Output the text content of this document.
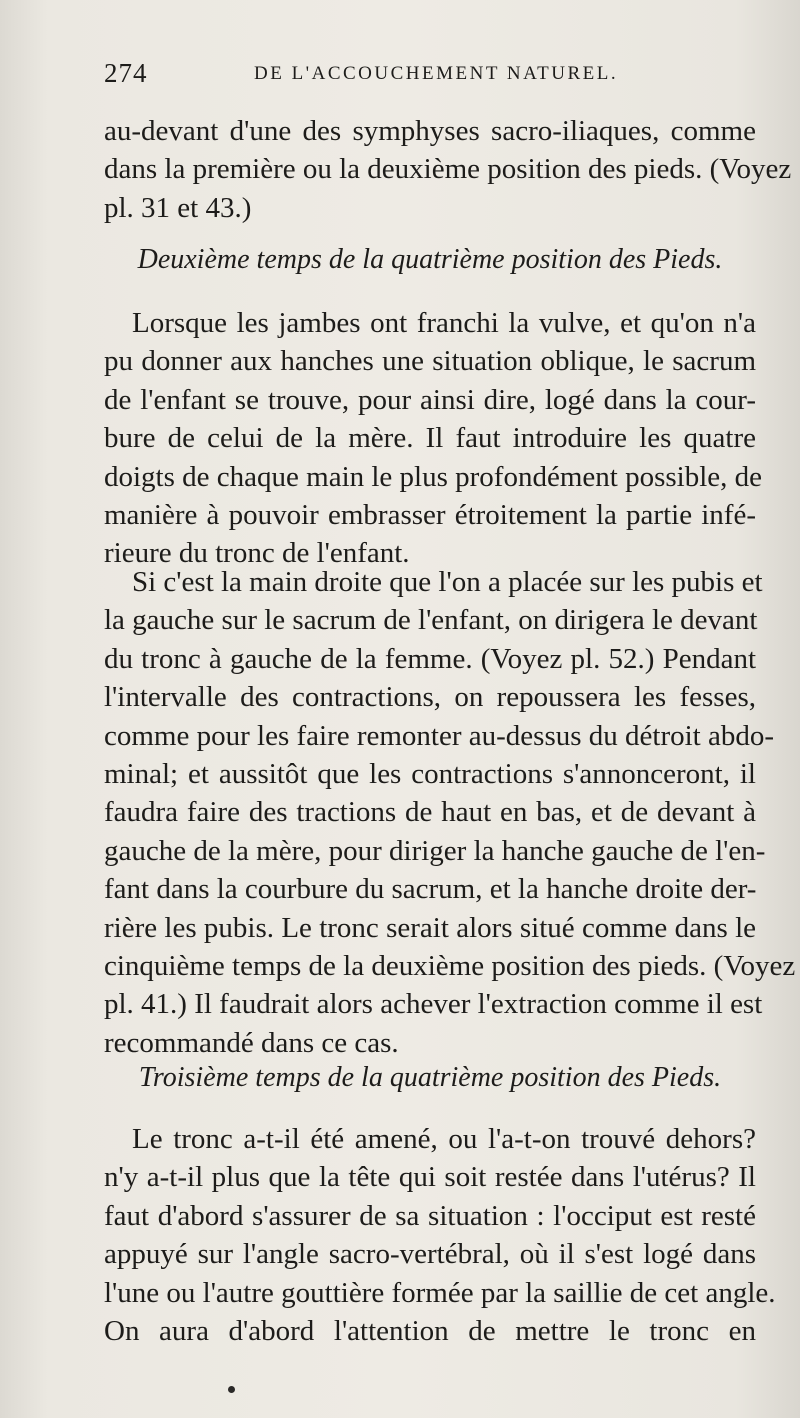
274	DE L'ACCOUCHEMENT NATUREL.
au-devant d'une des symphyses sacro-iliaques, comme
dans la première ou la deuxième position des pieds. (Voyez
pl. 31 et 43.)
Deuxième temps de la quatrième position des Pieds.
Lorsque les jambes ont franchi la vulve, et qu'on n'a
pu donner aux hanches une situation oblique, le sacrum
de l'enfant se trouve, pour ainsi dire, logé dans la cour-
bure de celui de la mère. Il faut introduire les quatre
doigts de chaque main le plus profondément possible, de
manière à pouvoir embrasser étroitement la partie infé-
rieure du tronc de l'enfant.
Si c'est la main droite que l'on a placée sur les pubis et
la gauche sur le sacrum de l'enfant, on dirigera le devant
du tronc à gauche de la femme. (Voyez pl. 52.) Pendant
l'intervalle des contractions, on repoussera les fesses,
comme pour les faire remonter au-dessus du détroit abdo-
minal; et aussitôt que les contractions s'annonceront, il
faudra faire des tractions de haut en bas, et de devant à
gauche de la mère, pour diriger la hanche gauche de l'en-
fant dans la courbure du sacrum, et la hanche droite der-
rière les pubis. Le tronc serait alors situé comme dans le
cinquième temps de la deuxième position des pieds. (Voyez
pl. 41.) Il faudrait alors achever l'extraction comme il est
recommandé dans ce cas.
Troisième temps de la quatrième position des Pieds.
Le tronc a-t-il été amené, ou l'a-t-on trouvé dehors?
n'y a-t-il plus que la tête qui soit restée dans l'utérus? Il
faut d'abord s'assurer de sa situation : l'occiput est resté
appuyé sur l'angle sacro-vertébral, où il s'est logé dans
l'une ou l'autre gouttière formée par la saillie de cet angle.
On aura d'abord l'attention de mettre le tronc en
